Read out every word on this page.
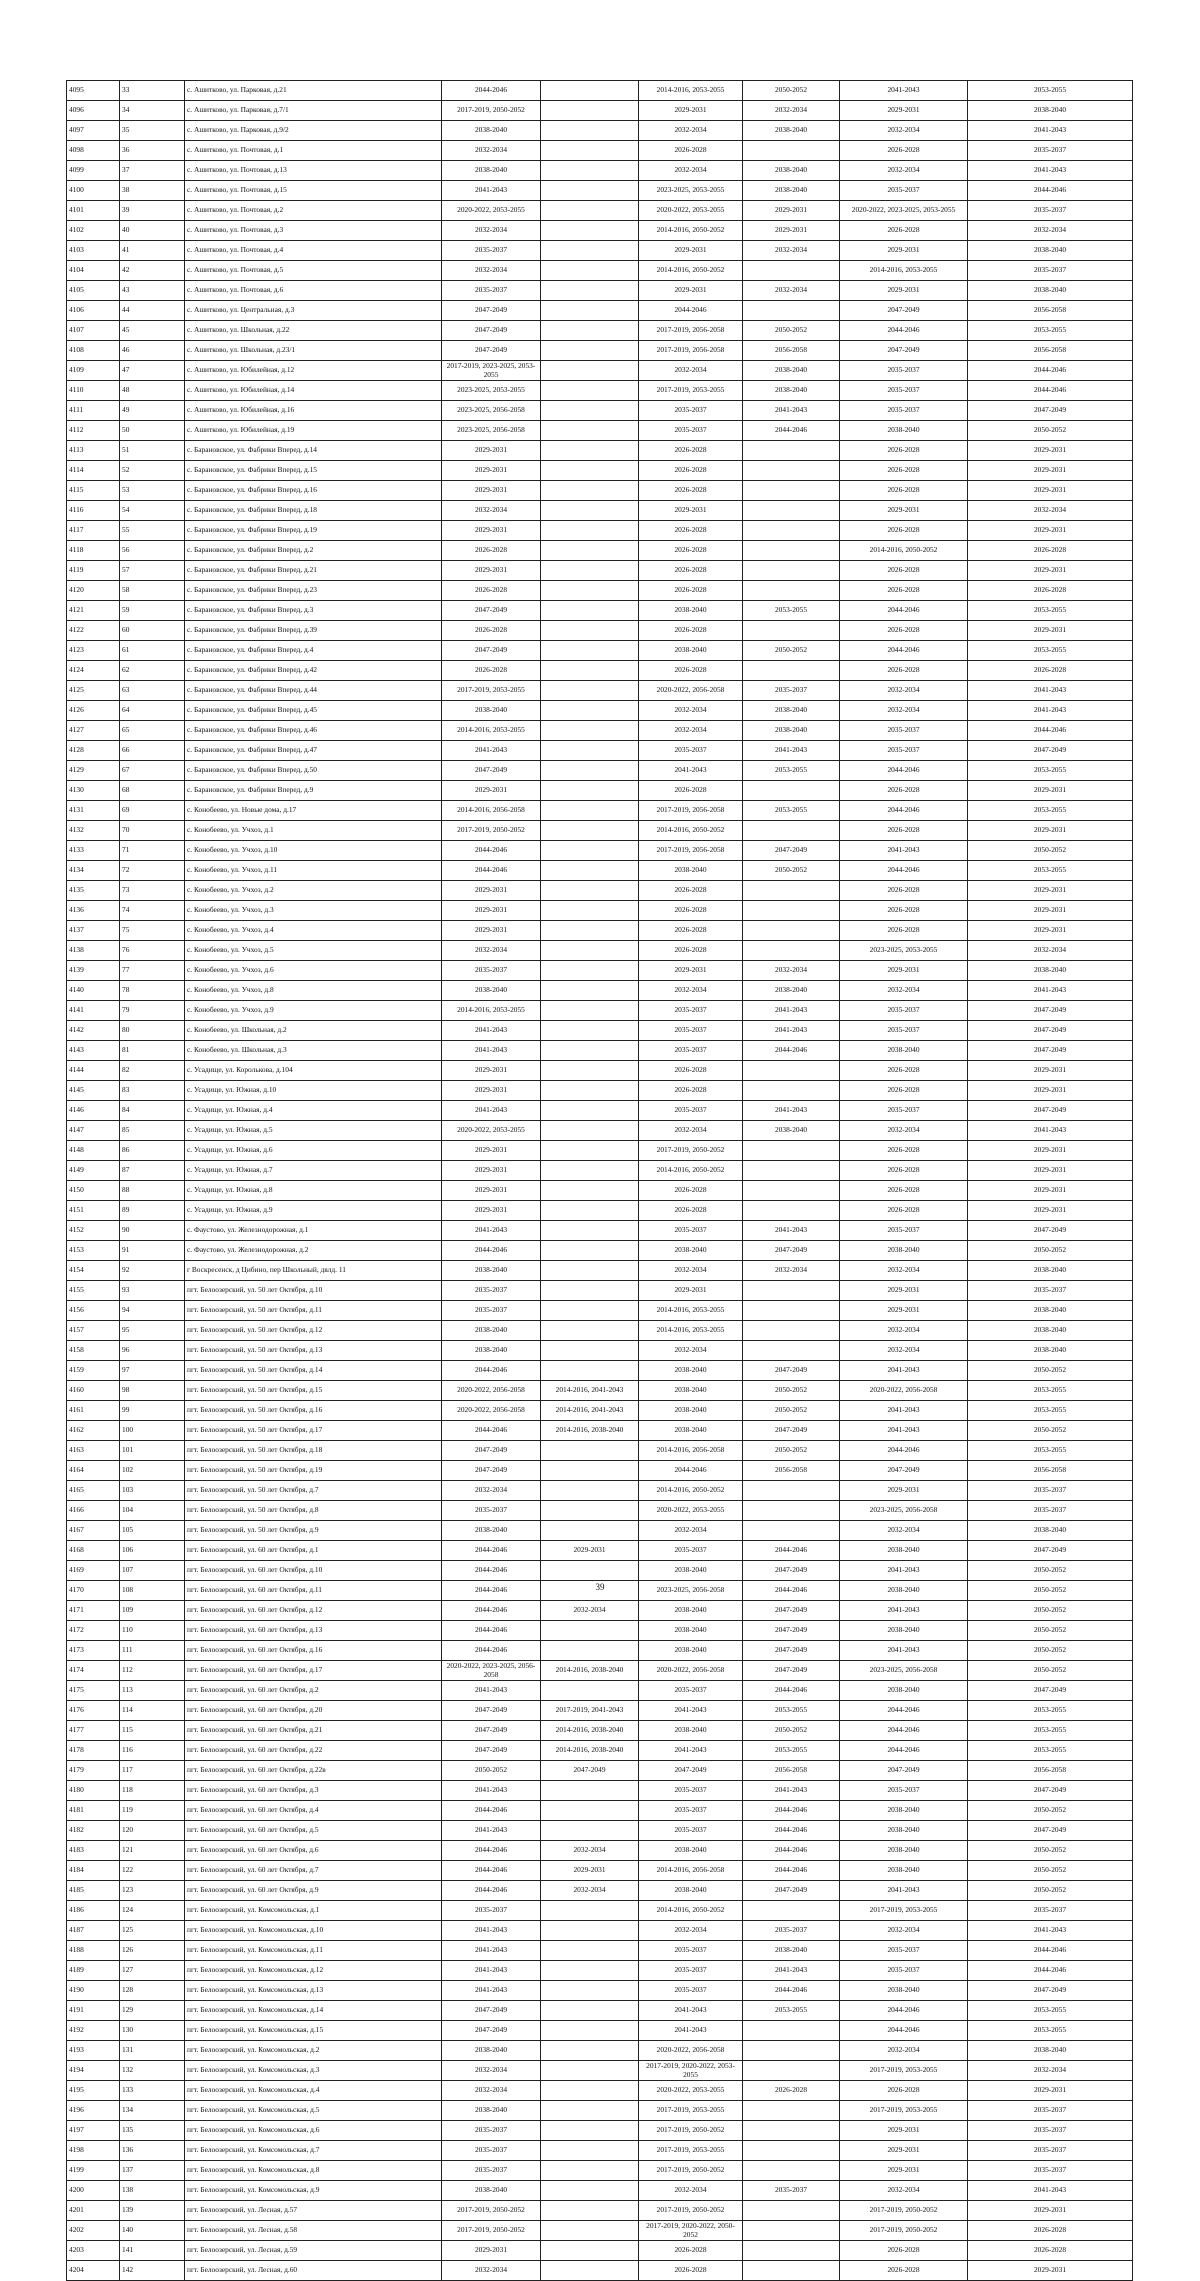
4095	33	с. Ашитково, ул. Парковая, д.21	2044-2046		2014-2016, 2053-2055	2050-2052	2041-2043	2053-2055
4096	34	с. Ашитково, ул. Парковая, д.7/1	2017-2019, 2050-2052		2029-2031	2032-2034	2029-2031	2038-2040
4097	35	с. Ашитково, ул. Парковая, д.9/2	2038-2040		2032-2034	2038-2040	2032-2034	2041-2043
4098	36	с. Ашитково, ул. Почтовая, д.1	2032-2034		2026-2028		2026-2028	2035-2037
4099	37	с. Ашитково, ул. Почтовая, д.13	2038-2040		2032-2034	2038-2040	2032-2034	2041-2043
4100	38	с. Ашитково, ул. Почтовая, д.15	2041-2043		2023-2025, 2053-2055	2038-2040	2035-2037	2044-2046
4101	39	с. Ашитково, ул. Почтовая, д.2	2020-2022, 2053-2055		2020-2022, 2053-2055	2029-2031	2020-2022, 2023-2025, 2053-2055	2035-2037
4102	40	с. Ашитково, ул. Почтовая, д.3	2032-2034		2014-2016, 2050-2052	2029-2031	2026-2028	2032-2034
4103	41	с. Ашитково, ул. Почтовая, д.4	2035-2037		2029-2031	2032-2034	2029-2031	2038-2040
4104	42	с. Ашитково, ул. Почтовая, д.5	2032-2034		2014-2016, 2050-2052		2014-2016, 2053-2055	2035-2037
4105	43	с. Ашитково, ул. Почтовая, д.6	2035-2037		2029-2031	2032-2034	2029-2031	2038-2040
4106	44	с. Ашитково, ул. Центральная, д.3	2047-2049		2044-2046		2047-2049	2056-2058
4107	45	с. Ашитково, ул. Школьная, д.22	2047-2049		2017-2019, 2056-2058	2050-2052	2044-2046	2053-2055
4108	46	с. Ашитково, ул. Школьная, д.23/1	2047-2049		2017-2019, 2056-2058	2056-2058	2047-2049	2056-2058
4109	47	с. Ашитково, ул. Юбилейная, д.12	2017-2019, 2023-2025, 2053-2055		2032-2034	2038-2040	2035-2037	2044-2046
4110	48	с. Ашитково, ул. Юбилейная, д.14	2023-2025, 2053-2055		2017-2019, 2053-2055	2038-2040	2035-2037	2044-2046
4111	49	с. Ашитково, ул. Юбилейная, д.16	2023-2025, 2056-2058		2035-2037	2041-2043	2035-2037	2047-2049
4112	50	с. Ашитково, ул. Юбилейная, д.19	2023-2025, 2056-2058		2035-2037	2044-2046	2038-2040	2050-2052
4113	51	с. Барановское, ул. Фабрики Вперед, д.14	2029-2031		2026-2028		2026-2028	2029-2031
4114	52	с. Барановское, ул. Фабрики Вперед, д.15	2029-2031		2026-2028		2026-2028	2029-2031
4115	53	с. Барановское, ул. Фабрики Вперед, д.16	2029-2031		2026-2028		2026-2028	2029-2031
4116	54	с. Барановское, ул. Фабрики Вперед, д.18	2032-2034		2029-2031		2029-2031	2032-2034
4117	55	с. Барановское, ул. Фабрики Вперед, д.19	2029-2031		2026-2028		2026-2028	2029-2031
4118	56	с. Барановское, ул. Фабрики Вперед, д.2	2026-2028		2026-2028		2014-2016, 2050-2052	2026-2028
4119	57	с. Барановское, ул. Фабрики Вперед, д.21	2029-2031		2026-2028		2026-2028	2029-2031
4120	58	с. Барановское, ул. Фабрики Вперед, д.23	2026-2028		2026-2028		2026-2028	2026-2028
4121	59	с. Барановское, ул. Фабрики Вперед, д.3	2047-2049		2038-2040	2053-2055	2044-2046	2053-2055
4122	60	с. Барановское, ул. Фабрики Вперед, д.39	2026-2028		2026-2028		2026-2028	2029-2031
4123	61	с. Барановское, ул. Фабрики Вперед, д.4	2047-2049		2038-2040	2050-2052	2044-2046	2053-2055
4124	62	с. Барановское, ул. Фабрики Вперед, д.42	2026-2028		2026-2028		2026-2028	2026-2028
4125	63	с. Барановское, ул. Фабрики Вперед, д.44	2017-2019, 2053-2055		2020-2022, 2056-2058	2035-2037	2032-2034	2041-2043
4126	64	с. Барановское, ул. Фабрики Вперед, д.45	2038-2040		2032-2034	2038-2040	2032-2034	2041-2043
4127	65	с. Барановское, ул. Фабрики Вперед, д.46	2014-2016, 2053-2055		2032-2034	2038-2040	2035-2037	2044-2046
4128	66	с. Барановское, ул. Фабрики Вперед, д.47	2041-2043		2035-2037	2041-2043	2035-2037	2047-2049
4129	67	с. Барановское, ул. Фабрики Вперед, д.50	2047-2049		2041-2043	2053-2055	2044-2046	2053-2055
4130	68	с. Барановское, ул. Фабрики Вперед, д.9	2029-2031		2026-2028		2026-2028	2029-2031
4131	69	с. Конобеево, ул. Новые дома, д.17	2014-2016, 2056-2058		2017-2019, 2056-2058	2053-2055	2044-2046	2053-2055
4132	70	с. Конобеево, ул. Учхоз, д.1	2017-2019, 2050-2052		2014-2016, 2050-2052		2026-2028	2029-2031
4133	71	с. Конобеево, ул. Учхоз, д.10	2044-2046		2017-2019, 2056-2058	2047-2049	2041-2043	2050-2052
4134	72	с. Конобеево, ул. Учхоз, д.11	2044-2046		2038-2040	2050-2052	2044-2046	2053-2055
4135	73	с. Конобеево, ул. Учхоз, д.2	2029-2031		2026-2028		2026-2028	2029-2031
4136	74	с. Конобеево, ул. Учхоз, д.3	2029-2031		2026-2028		2026-2028	2029-2031
4137	75	с. Конобеево, ул. Учхоз, д.4	2029-2031		2026-2028		2026-2028	2029-2031
4138	76	с. Конобеево, ул. Учхоз, д.5	2032-2034		2026-2028		2023-2025, 2053-2055	2032-2034
4139	77	с. Конобеево, ул. Учхоз, д.6	2035-2037		2029-2031	2032-2034	2029-2031	2038-2040
4140	78	с. Конобеево, ул. Учхоз, д.8	2038-2040		2032-2034	2038-2040	2032-2034	2041-2043
4141	79	с. Конобеево, ул. Учхоз, д.9	2014-2016, 2053-2055		2035-2037	2041-2043	2035-2037	2047-2049
4142	80	с. Конобеево, ул. Школьная, д.2	2041-2043		2035-2037	2041-2043	2035-2037	2047-2049
4143	81	с. Конобеево, ул. Школьная, д.3	2041-2043		2035-2037	2044-2046	2038-2040	2047-2049
4144	82	с. Усадище, ул. Королькова, д.104	2029-2031		2026-2028		2026-2028	2029-2031
4145	83	с. Усадище, ул. Южная, д.10	2029-2031		2026-2028		2026-2028	2029-2031
4146	84	с. Усадище, ул. Южная, д.4	2041-2043		2035-2037	2041-2043	2035-2037	2047-2049
4147	85	с. Усадище, ул. Южная, д.5	2020-2022, 2053-2055		2032-2034	2038-2040	2032-2034	2041-2043
4148	86	с. Усадище, ул. Южная, д.6	2029-2031		2017-2019, 2050-2052		2026-2028	2029-2031
4149	87	с. Усадище, ул. Южная, д.7	2029-2031		2014-2016, 2050-2052		2026-2028	2029-2031
4150	88	с. Усадище, ул. Южная, д.8	2029-2031		2026-2028		2026-2028	2029-2031
4151	89	с. Усадище, ул. Южная, д.9	2029-2031		2026-2028		2026-2028	2029-2031
4152	90	с. Фаустово, ул. Железнодорожная, д.1	2041-2043		2035-2037	2041-2043	2035-2037	2047-2049
4153	91	с. Фаустово, ул. Железнодорожная, д.2	2044-2046		2038-2040	2047-2049	2038-2040	2050-2052
4154	92	г Воскресенск, д Цибино, пер Школьный, двлд. 11	2038-2040		2032-2034	2032-2034	2032-2034	2038-2040
4155	93	пгт. Белоозерский, ул. 50 лет Октября, д.10	2035-2037		2029-2031		2029-2031	2035-2037
4156	94	пгт. Белоозерский, ул. 50 лет Октября, д.11	2035-2037		2014-2016, 2053-2055		2029-2031	2038-2040
4157	95	пгт. Белоозерский, ул. 50 лет Октября, д.12	2038-2040		2014-2016, 2053-2055		2032-2034	2038-2040
4158	96	пгт. Белоозерский, ул. 50 лет Октября, д.13	2038-2040		2032-2034		2032-2034	2038-2040
4159	97	пгт. Белоозерский, ул. 50 лет Октября, д.14	2044-2046		2038-2040	2047-2049	2041-2043	2050-2052
4160	98	пгт. Белоозерский, ул. 50 лет Октября, д.15	2020-2022, 2056-2058	2014-2016, 2041-2043	2038-2040	2050-2052	2020-2022, 2056-2058	2053-2055
4161	99	пгт. Белоозерский, ул. 50 лет Октября, д.16	2020-2022, 2056-2058	2014-2016, 2041-2043	2038-2040	2050-2052	2041-2043	2053-2055
4162	100	пгт. Белоозерский, ул. 50 лет Октября, д.17	2044-2046	2014-2016, 2038-2040	2038-2040	2047-2049	2041-2043	2050-2052
4163	101	пгт. Белоозерский, ул. 50 лет Октября, д.18	2047-2049		2014-2016, 2056-2058	2050-2052	2044-2046	2053-2055
4164	102	пгт. Белоозерский, ул. 50 лет Октября, д.19	2047-2049		2044-2046	2056-2058	2047-2049	2056-2058
4165	103	пгт. Белоозерский, ул. 50 лет Октября, д.7	2032-2034		2014-2016, 2050-2052		2029-2031	2035-2037
4166	104	пгт. Белоозерский, ул. 50 лет Октября, д.8	2035-2037		2020-2022, 2053-2055		2023-2025, 2056-2058	2035-2037
4167	105	пгт. Белоозерский, ул. 50 лет Октября, д.9	2038-2040		2032-2034		2032-2034	2038-2040
4168	106	пгт. Белоозерский, ул. 60 лет Октября, д.1	2044-2046	2029-2031	2035-2037	2044-2046	2038-2040	2047-2049
4169	107	пгт. Белоозерский, ул. 60 лет Октября, д.10	2044-2046		2038-2040	2047-2049	2041-2043	2050-2052
4170	108	пгт. Белоозерский, ул. 60 лет Октября, д.11	2044-2046		2023-2025, 2056-2058	2044-2046	2038-2040	2050-2052
4171	109	пгт. Белоозерский, ул. 60 лет Октября, д.12	2044-2046	2032-2034	2038-2040	2047-2049	2041-2043	2050-2052
4172	110	пгт. Белоозерский, ул. 60 лет Октября, д.13	2044-2046		2038-2040	2047-2049	2038-2040	2050-2052
4173	111	пгт. Белоозерский, ул. 60 лет Октября, д.16	2044-2046		2038-2040	2047-2049	2041-2043	2050-2052
4174	112	пгт. Белоозерский, ул. 60 лет Октября, д.17	2020-2022, 2023-2025, 2056-2058	2014-2016, 2038-2040	2020-2022, 2056-2058	2047-2049	2023-2025, 2056-2058	2050-2052
4175	113	пгт. Белоозерский, ул. 60 лет Октября, д.2	2041-2043		2035-2037	2044-2046	2038-2040	2047-2049
4176	114	пгт. Белоозерский, ул. 60 лет Октября, д.20	2047-2049	2017-2019, 2041-2043	2041-2043	2053-2055	2044-2046	2053-2055
4177	115	пгт. Белоозерский, ул. 60 лет Октября, д.21	2047-2049	2014-2016, 2038-2040	2038-2040	2050-2052	2044-2046	2053-2055
4178	116	пгт. Белоозерский, ул. 60 лет Октября, д.22	2047-2049	2014-2016, 2038-2040	2041-2043	2053-2055	2044-2046	2053-2055
4179	117	пгт. Белоозерский, ул. 60 лет Октября, д.22в	2050-2052	2047-2049	2047-2049	2056-2058	2047-2049	2056-2058
4180	118	пгт. Белоозерский, ул. 60 лет Октября, д.3	2041-2043		2035-2037	2041-2043	2035-2037	2047-2049
4181	119	пгт. Белоозерский, ул. 60 лет Октября, д.4	2044-2046		2035-2037	2044-2046	2038-2040	2050-2052
4182	120	пгт. Белоозерский, ул. 60 лет Октября, д.5	2041-2043		2035-2037	2044-2046	2038-2040	2047-2049
4183	121	пгт. Белоозерский, ул. 60 лет Октября, д.6	2044-2046	2032-2034	2038-2040	2044-2046	2038-2040	2050-2052
4184	122	пгт. Белоозерский, ул. 60 лет Октября, д.7	2044-2046	2029-2031	2014-2016, 2056-2058	2044-2046	2038-2040	2050-2052
4185	123	пгт. Белоозерский, ул. 60 лет Октября, д.9	2044-2046	2032-2034	2038-2040	2047-2049	2041-2043	2050-2052
4186	124	пгт. Белоозерский, ул. Комсомольская, д.1	2035-2037		2014-2016, 2050-2052		2017-2019, 2053-2055	2035-2037
4187	125	пгт. Белоозерский, ул. Комсомольская, д.10	2041-2043		2032-2034	2035-2037	2032-2034	2041-2043
4188	126	пгт. Белоозерский, ул. Комсомольская, д.11	2041-2043		2035-2037	2038-2040	2035-2037	2044-2046
4189	127	пгт. Белоозерский, ул. Комсомольская, д.12	2041-2043		2035-2037	2041-2043	2035-2037	2044-2046
4190	128	пгт. Белоозерский, ул. Комсомольская, д.13	2041-2043		2035-2037	2044-2046	2038-2040	2047-2049
4191	129	пгт. Белоозерский, ул. Комсомольская, д.14	2047-2049		2041-2043	2053-2055	2044-2046	2053-2055
4192	130	пгт. Белоозерский, ул. Комсомольская, д.15	2047-2049		2041-2043		2044-2046	2053-2055
4193	131	пгт. Белоозерский, ул. Комсомольская, д.2	2038-2040		2020-2022, 2056-2058		2032-2034	2038-2040
4194	132	пгт. Белоозерский, ул. Комсомольская, д.3	2032-2034		2017-2019, 2020-2022, 2053-2055		2017-2019, 2053-2055	2032-2034
4195	133	пгт. Белоозерский, ул. Комсомольская, д.4	2032-2034		2020-2022, 2053-2055	2026-2028	2026-2028	2029-2031
4196	134	пгт. Белоозерский, ул. Комсомольская, д.5	2038-2040		2017-2019, 2053-2055		2017-2019, 2053-2055	2035-2037
4197	135	пгт. Белоозерский, ул. Комсомольская, д.6	2035-2037		2017-2019, 2050-2052		2029-2031	2035-2037
4198	136	пгт. Белоозерский, ул. Комсомольская, д.7	2035-2037		2017-2019, 2053-2055		2029-2031	2035-2037
4199	137	пгт. Белоозерский, ул. Комсомольская, д.8	2035-2037		2017-2019, 2050-2052		2029-2031	2035-2037
4200	138	пгт. Белоозерский, ул. Комсомольская, д.9	2038-2040		2032-2034	2035-2037	2032-2034	2041-2043
4201	139	пгт. Белоозерский, ул. Лесная, д.57	2017-2019, 2050-2052		2017-2019, 2050-2052		2017-2019, 2050-2052	2029-2031
4202	140	пгт. Белоозерский, ул. Лесная, д.58	2017-2019, 2050-2052		2017-2019, 2020-2022, 2050-2052		2017-2019, 2050-2052	2026-2028
4203	141	пгт. Белоозерский, ул. Лесная, д.59	2029-2031		2026-2028		2026-2028	2026-2028
4204	142	пгт. Белоозерский, ул. Лесная, д.60	2032-2034		2026-2028		2026-2028	2029-2031
39
